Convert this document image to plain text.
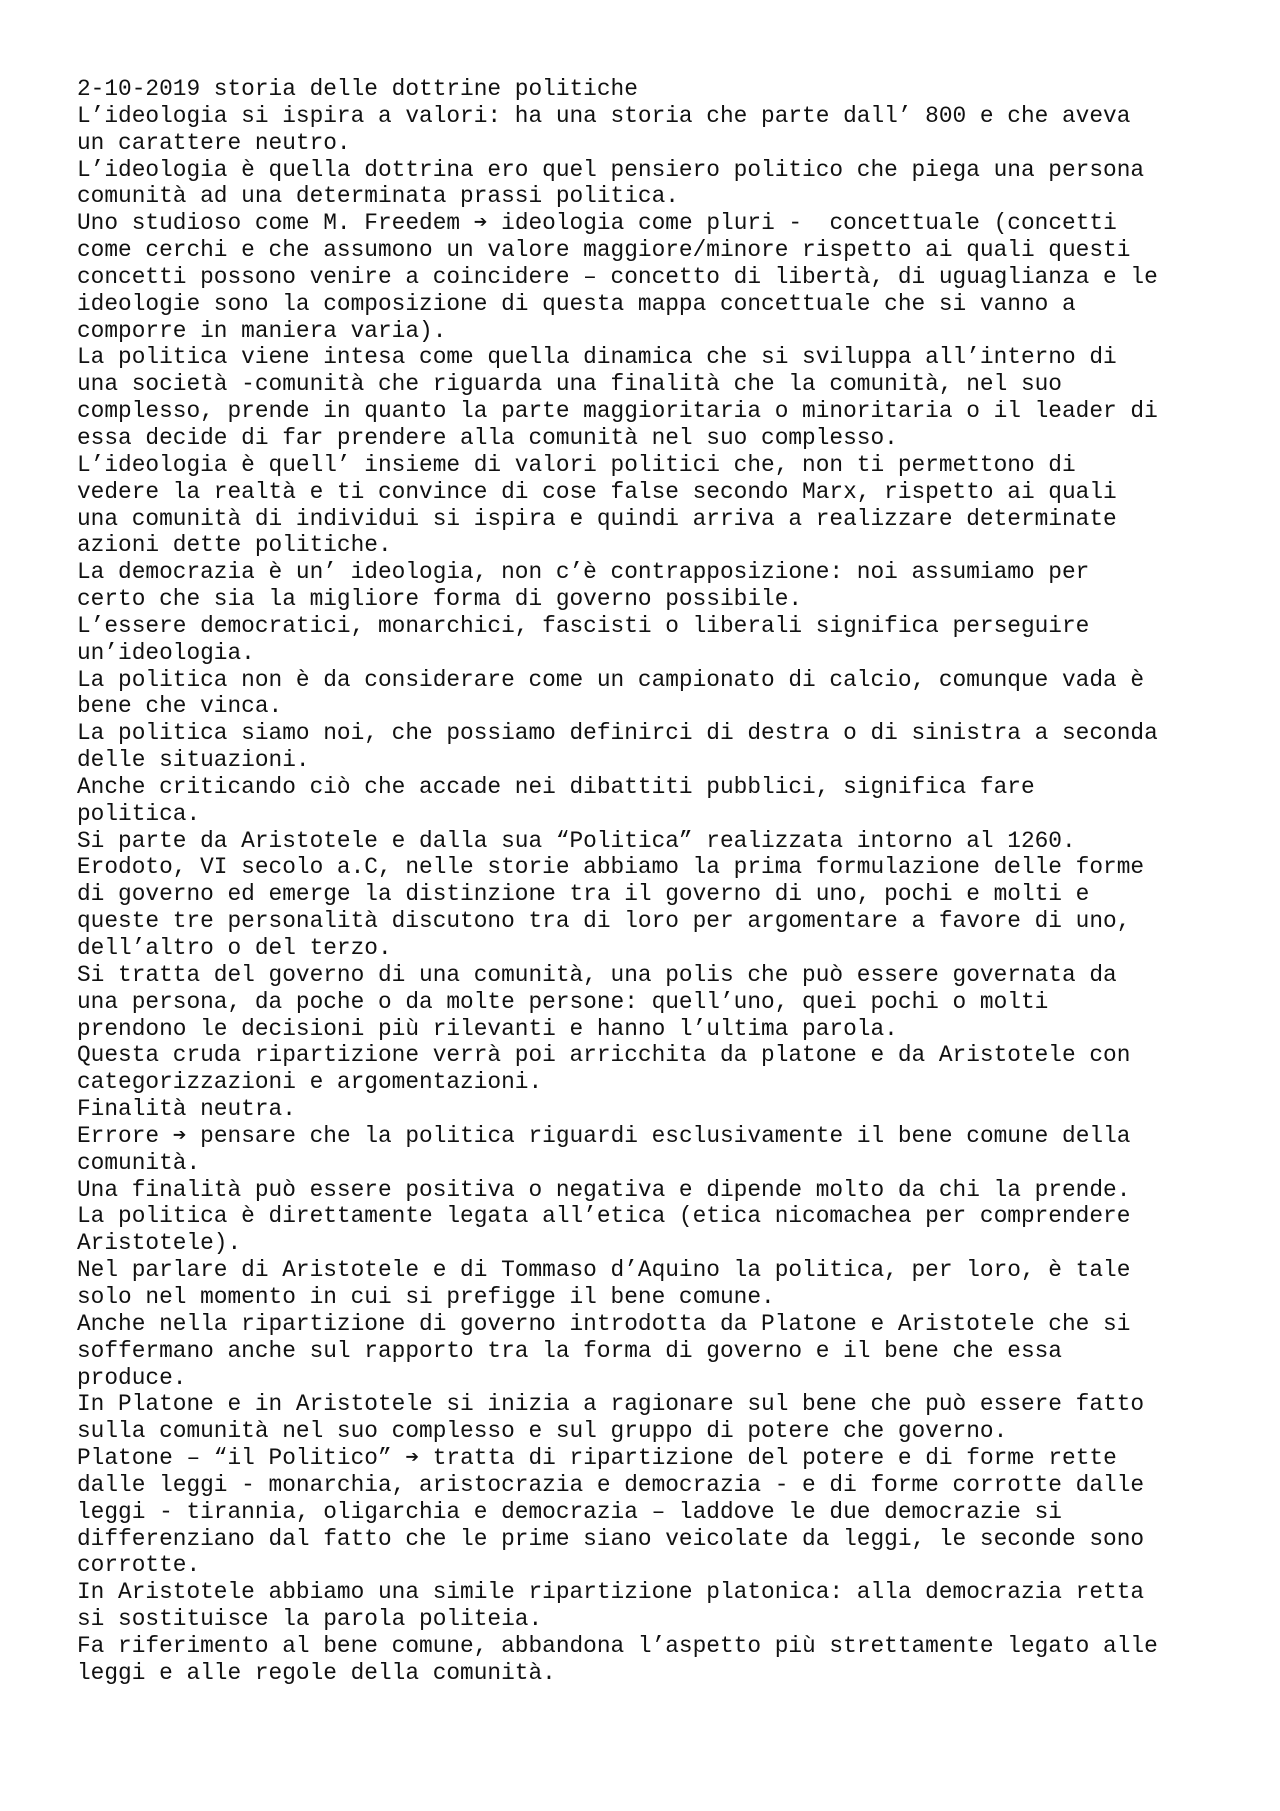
2-10-2019 storia delle dottrine politiche
L’ideologia si ispira a valori: ha una storia che parte dall’ 800 e che aveva
un carattere neutro.
L’ideologia è quella dottrina ero quel pensiero politico che piega una persona
comunità ad una determinata prassi politica.
Uno studioso come M. Freedem ➔ ideologia come pluri -  concettuale (concetti
come cerchi e che assumono un valore maggiore/minore rispetto ai quali questi
concetti possono venire a coincidere – concetto di libertà, di uguaglianza e le
ideologie sono la composizione di questa mappa concettuale che si vanno a
comporre in maniera varia).
La politica viene intesa come quella dinamica che si sviluppa all’interno di
una società -comunità che riguarda una finalità che la comunità, nel suo
complesso, prende in quanto la parte maggioritaria o minoritaria o il leader di
essa decide di far prendere alla comunità nel suo complesso.
L’ideologia è quell’ insieme di valori politici che, non ti permettono di
vedere la realtà e ti convince di cose false secondo Marx, rispetto ai quali
una comunità di individui si ispira e quindi arriva a realizzare determinate
azioni dette politiche.
La democrazia è un’ ideologia, non c’è contrapposizione: noi assumiamo per
certo che sia la migliore forma di governo possibile.
L’essere democratici, monarchici, fascisti o liberali significa perseguire
un’ideologia.
La politica non è da considerare come un campionato di calcio, comunque vada è
bene che vinca.
La politica siamo noi, che possiamo definirci di destra o di sinistra a seconda
delle situazioni.
Anche criticando ciò che accade nei dibattiti pubblici, significa fare
politica.
Si parte da Aristotele e dalla sua “Politica” realizzata intorno al 1260.
Erodoto, VI secolo a.C, nelle storie abbiamo la prima formulazione delle forme
di governo ed emerge la distinzione tra il governo di uno, pochi e molti e
queste tre personalità discutono tra di loro per argomentare a favore di uno,
dell’altro o del terzo.
Si tratta del governo di una comunità, una polis che può essere governata da
una persona, da poche o da molte persone: quell’uno, quei pochi o molti
prendono le decisioni più rilevanti e hanno l’ultima parola.
Questa cruda ripartizione verrà poi arricchita da platone e da Aristotele con
categorizzazioni e argomentazioni.
Finalità neutra.
Errore ➔ pensare che la politica riguardi esclusivamente il bene comune della
comunità.
Una finalità può essere positiva o negativa e dipende molto da chi la prende.
La politica è direttamente legata all’etica (etica nicomachea per comprendere
Aristotele).
Nel parlare di Aristotele e di Tommaso d’Aquino la politica, per loro, è tale
solo nel momento in cui si prefigge il bene comune.
Anche nella ripartizione di governo introdotta da Platone e Aristotele che si
soffermano anche sul rapporto tra la forma di governo e il bene che essa
produce.
In Platone e in Aristotele si inizia a ragionare sul bene che può essere fatto
sulla comunità nel suo complesso e sul gruppo di potere che governo.
Platone – “il Politico” ➔ tratta di ripartizione del potere e di forme rette
dalle leggi - monarchia, aristocrazia e democrazia - e di forme corrotte dalle
leggi - tirannia, oligarchia e democrazia – laddove le due democrazie si
differenziano dal fatto che le prime siano veicolate da leggi, le seconde sono
corrotte.
In Aristotele abbiamo una simile ripartizione platonica: alla democrazia retta
si sostituisce la parola politeia.
Fa riferimento al bene comune, abbandona l’aspetto più strettamente legato alle
leggi e alle regole della comunità.
